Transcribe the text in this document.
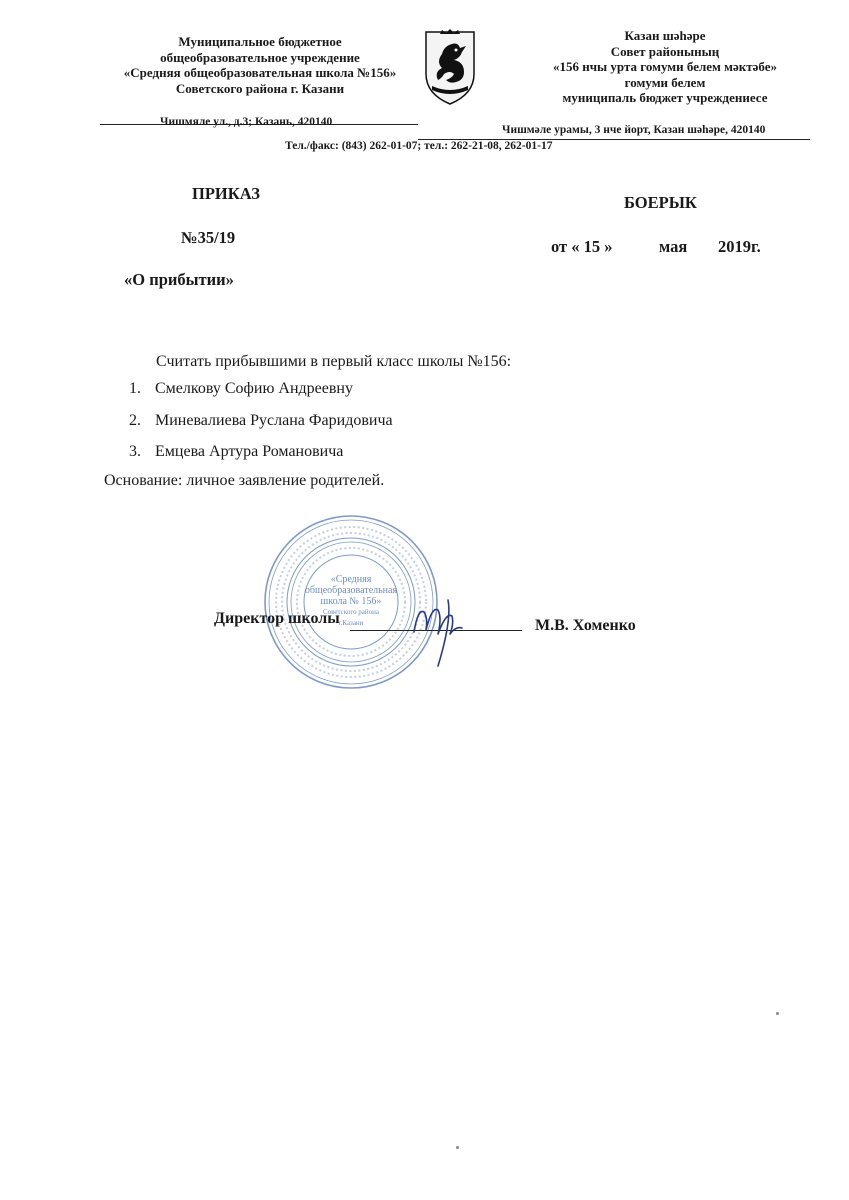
Муниципальное бюджетное
общеобразовательное учреждение
«Средняя общеобразовательная школа №156»
Советского района г. Казани
Казан шәһәре
Совет районының
«156 нчы урта гомуми белем мәктәбе»
гомуми белем
муниципаль бюджет учреждениесе
Чишмяле ул., д.3; Казань, 420140
Чишмәле урамы, 3 нче йорт, Казан шәһәре, 420140
Тел./факс: (843) 262-01-07; тел.: 262-21-08, 262-01-17
ПРИКАЗ	БОЕРЫК
№35/19	от « 15 »	мая 2019г.
«О прибытии»
Считать прибывшими в первый класс школы №156:
1. Смелкову Софию Андреевну
2. Миневалиева Руслана Фаридовича
3. Емцева Артура Романовича
Основание: личное заявление родителей.
«Средняя
общеобразовательная
школа № 156»
Советского района
г.Казани
Директор школы	М.В. Хоменко
